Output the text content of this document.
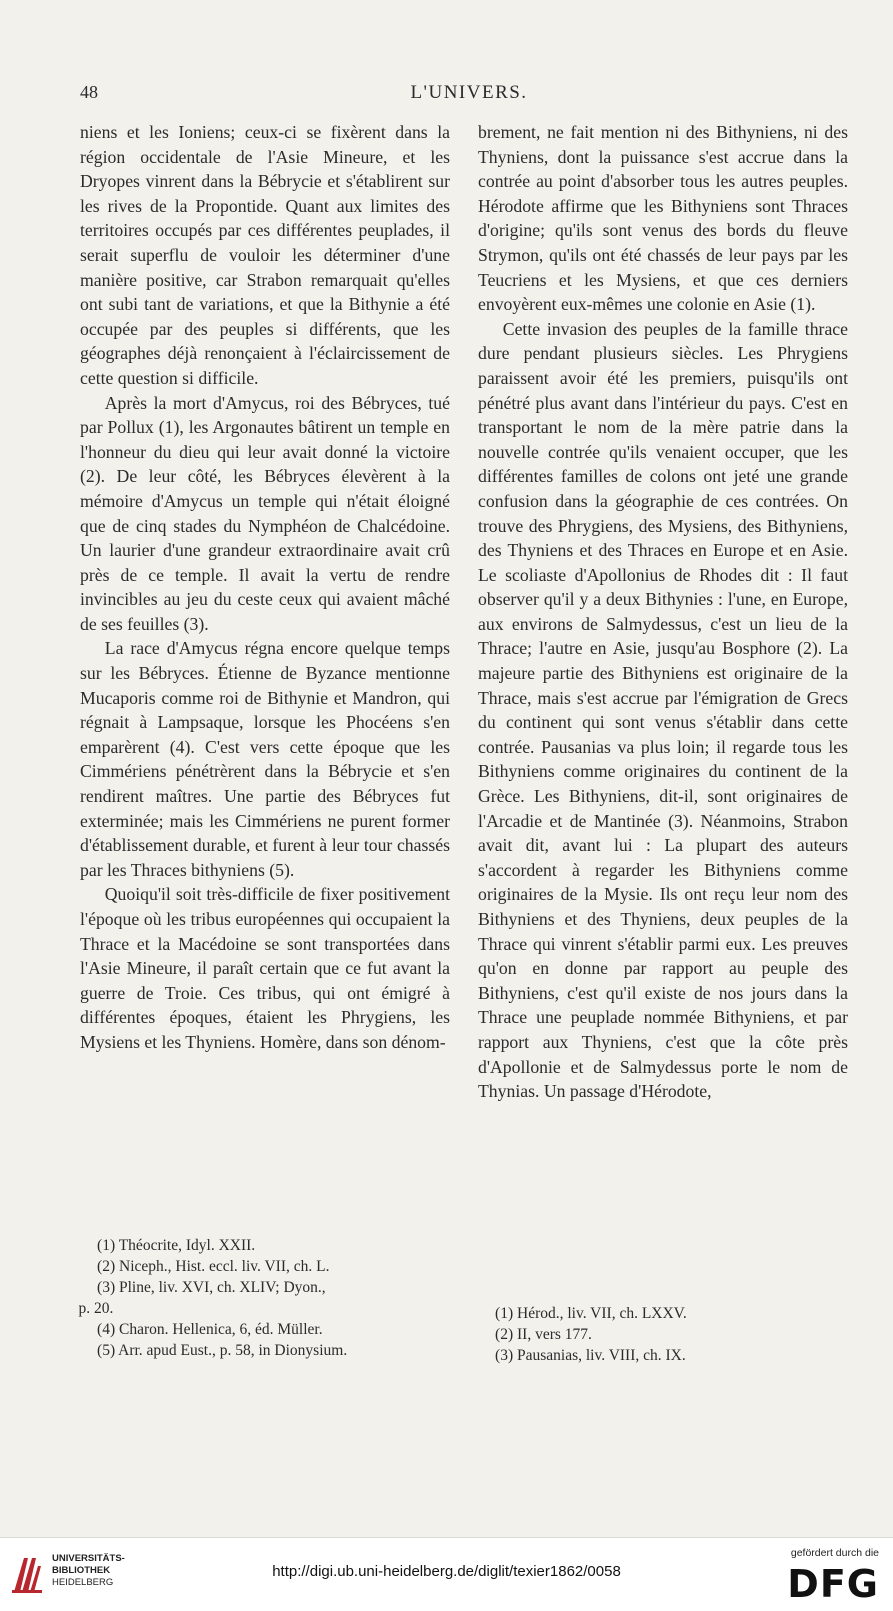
48	L'UNIVERS.

niens et les Ioniens; ceux-ci se fixèrent dans la région occidentale de l'Asie Mineure, et les Dryopes vinrent dans la Bébrycie et s'établirent sur les rives de la Propontide. Quant aux limites des territoires occupés par ces différentes peuplades, il serait superflu de vouloir les déterminer d'une manière positive, car Strabon remarquait qu'elles ont subi tant de variations, et que la Bithynie a été occupée par des peuples si différents, que les géographes déjà renonçaient à l'éclaircissement de cette question si difficile.

Après la mort d'Amycus, roi des Bébryces, tué par Pollux (1), les Argonautes bâtirent un temple en l'honneur du dieu qui leur avait donné la victoire (2). De leur côté, les Bébryces élevèrent à la mémoire d'Amycus un temple qui n'était éloigné que de cinq stades du Nymphéon de Chalcédoine. Un laurier d'une grandeur extraordinaire avait crû près de ce temple. Il avait la vertu de rendre invincibles au jeu du ceste ceux qui avaient mâché de ses feuilles (3).

La race d'Amycus régna encore quelque temps sur les Bébryces. Étienne de Byzance mentionne Mucaporis comme roi de Bithynie et Mandron, qui régnait à Lampsaque, lorsque les Phocéens s'en emparèrent (4). C'est vers cette époque que les Cimmériens pénétrèrent dans la Bébrycie et s'en rendirent maîtres. Une partie des Bébryces fut exterminée; mais les Cimmériens ne purent former d'établissement durable, et furent à leur tour chassés par les Thraces bithyniens (5).

Quoiqu'il soit très-difficile de fixer positivement l'époque où les tribus européennes qui occupaient la Thrace et la Macédoine se sont transportées dans l'Asie Mineure, il paraît certain que ce fut avant la guerre de Troie. Ces tribus, qui ont émigré à différentes époques, étaient les Phrygiens, les Mysiens et les Thyniens. Homère, dans son dénom-

brement, ne fait mention ni des Bithyniens, ni des Thyniens, dont la puissance s'est accrue dans la contrée au point d'absorber tous les autres peuples. Hérodote affirme que les Bithyniens sont Thraces d'origine; qu'ils sont venus des bords du fleuve Strymon, qu'ils ont été chassés de leur pays par les Teucriens et les Mysiens, et que ces derniers envoyèrent eux-mêmes une colonie en Asie (1).

Cette invasion des peuples de la famille thrace dure pendant plusieurs siècles. Les Phrygiens paraissent avoir été les premiers, puisqu'ils ont pénétré plus avant dans l'intérieur du pays. C'est en transportant le nom de la mère patrie dans la nouvelle contrée qu'ils venaient occuper, que les différentes familles de colons ont jeté une grande confusion dans la géographie de ces contrées. On trouve des Phrygiens, des Mysiens, des Bithyniens, des Thyniens et des Thraces en Europe et en Asie. Le scoliaste d'Apollonius de Rhodes dit : Il faut observer qu'il y a deux Bithynies : l'une, en Europe, aux environs de Salmydessus, c'est un lieu de la Thrace; l'autre en Asie, jusqu'au Bosphore (2). La majeure partie des Bithyniens est originaire de la Thrace, mais s'est accrue par l'émigration de Grecs du continent qui sont venus s'établir dans cette contrée. Pausanias va plus loin; il regarde tous les Bithyniens comme originaires du continent de la Grèce. Les Bithyniens, dit-il, sont originaires de l'Arcadie et de Mantinée (3). Néanmoins, Strabon avait dit, avant lui : La plupart des auteurs s'accordent à regarder les Bithyniens comme originaires de la Mysie. Ils ont reçu leur nom des Bithyniens et des Thyniens, deux peuples de la Thrace qui vinrent s'établir parmi eux. Les preuves qu'on en donne par rapport au peuple des Bithyniens, c'est qu'il existe de nos jours dans la Thrace une peuplade nommée Bithyniens, et par rapport aux Thyniens, c'est que la côte près d'Apollonie et de Salmydessus porte le nom de Thynias. Un passage d'Hérodote,

(1) Théocrite, Idyl. XXII.

(2) Niceph., Hist. eccl. liv. VII, ch. L.

(3) Pline, liv. XVI, ch. XLIV; Dyon.,

p. 20.

(4) Charon. Hellenica, 6, éd. Müller.

(5) Arr. apud Eust., p. 58, in Dionysium.

(1) Hérod., liv. VII, ch. LXXV.

(2) II, vers 177.

(3) Pausanias, liv. VIII, ch. IX.

UNIVERSITÄTS-
BIBLIOTHEK
HEIDELBERG
http://digi.ub.uni-heidelberg.de/diglit/texier1862/0058
gefördert durch die
DFG
